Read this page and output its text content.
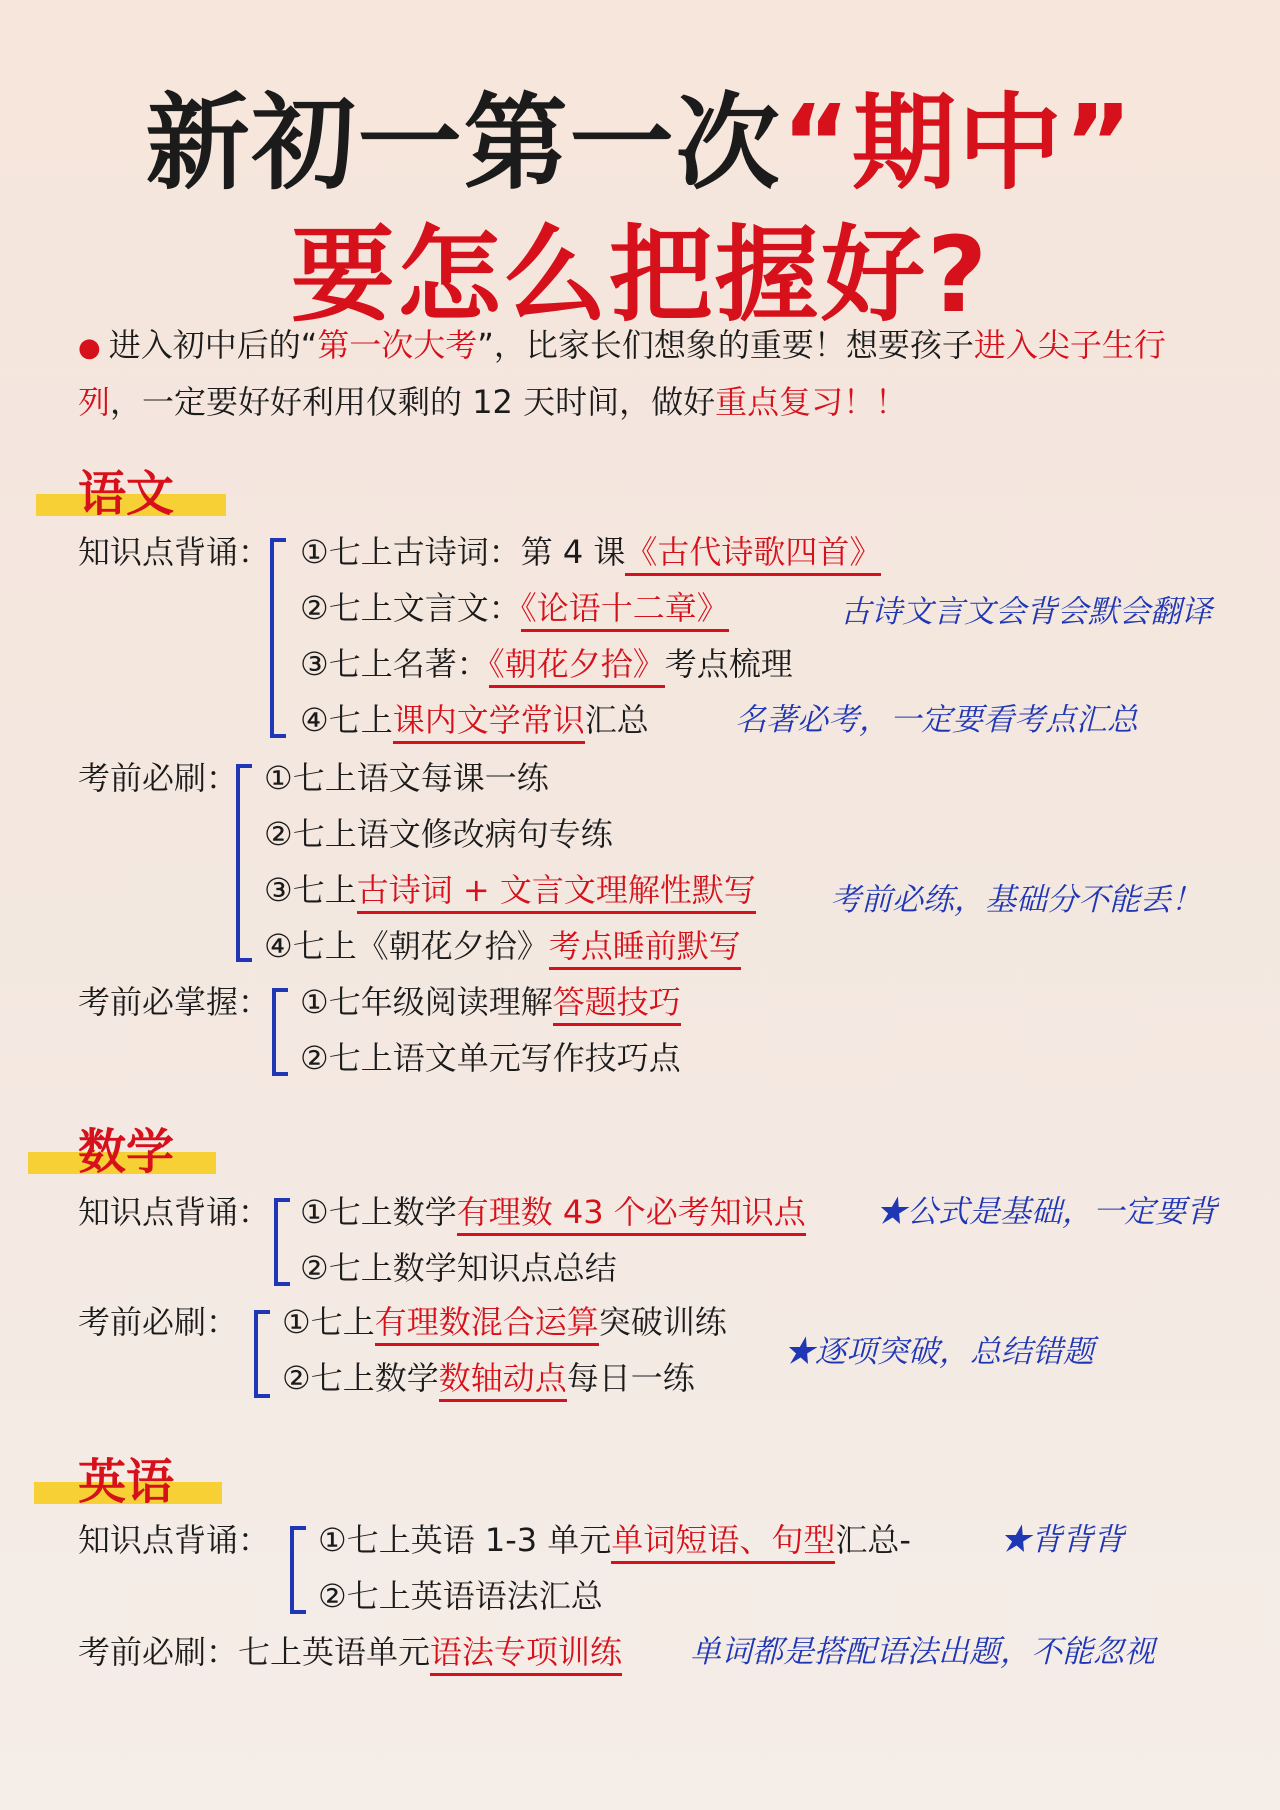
新初一第一次“期中”
要怎么把握好?
● 进入初中后的“第一次大考”，比家长们想象的重要！想要孩子进入尖子生行列，一定要好好利用仅剩的 12 天时间，做好重点复习！！
语文
知识点背诵： ①七上古诗词：第 4 课《古代诗歌四首》
②七上文言文：《论语十二章》
③七上名著：《朝花夕拾》考点梳理
④七上课内文学常识汇总
古诗文言文会背会默会翻译
名著必考，一定要看考点汇总
考前必刷： ①七上语文每课一练
②七上语文修改病句专练
③七上古诗词 + 文言文理解性默写
④七上《朝花夕拾》考点睡前默写
考前必练，基础分不能丢！
考前必掌握： ①七年级阅读理解答题技巧
②七上语文单元写作技巧点
数学
知识点背诵： ①七上数学有理数 43 个必考知识点
②七上数学知识点总结
★公式是基础，一定要背
考前必刷： ①七上有理数混合运算突破训练
②七上数学数轴动点每日一练
★逐项突破，总结错题
英语
知识点背诵： ①七上英语 1-3 单元单词短语、句型汇总-
②七上英语语法汇总
★背背背
考前必刷：七上英语单元语法专项训练 单词都是搭配语法出题，不能忽视
